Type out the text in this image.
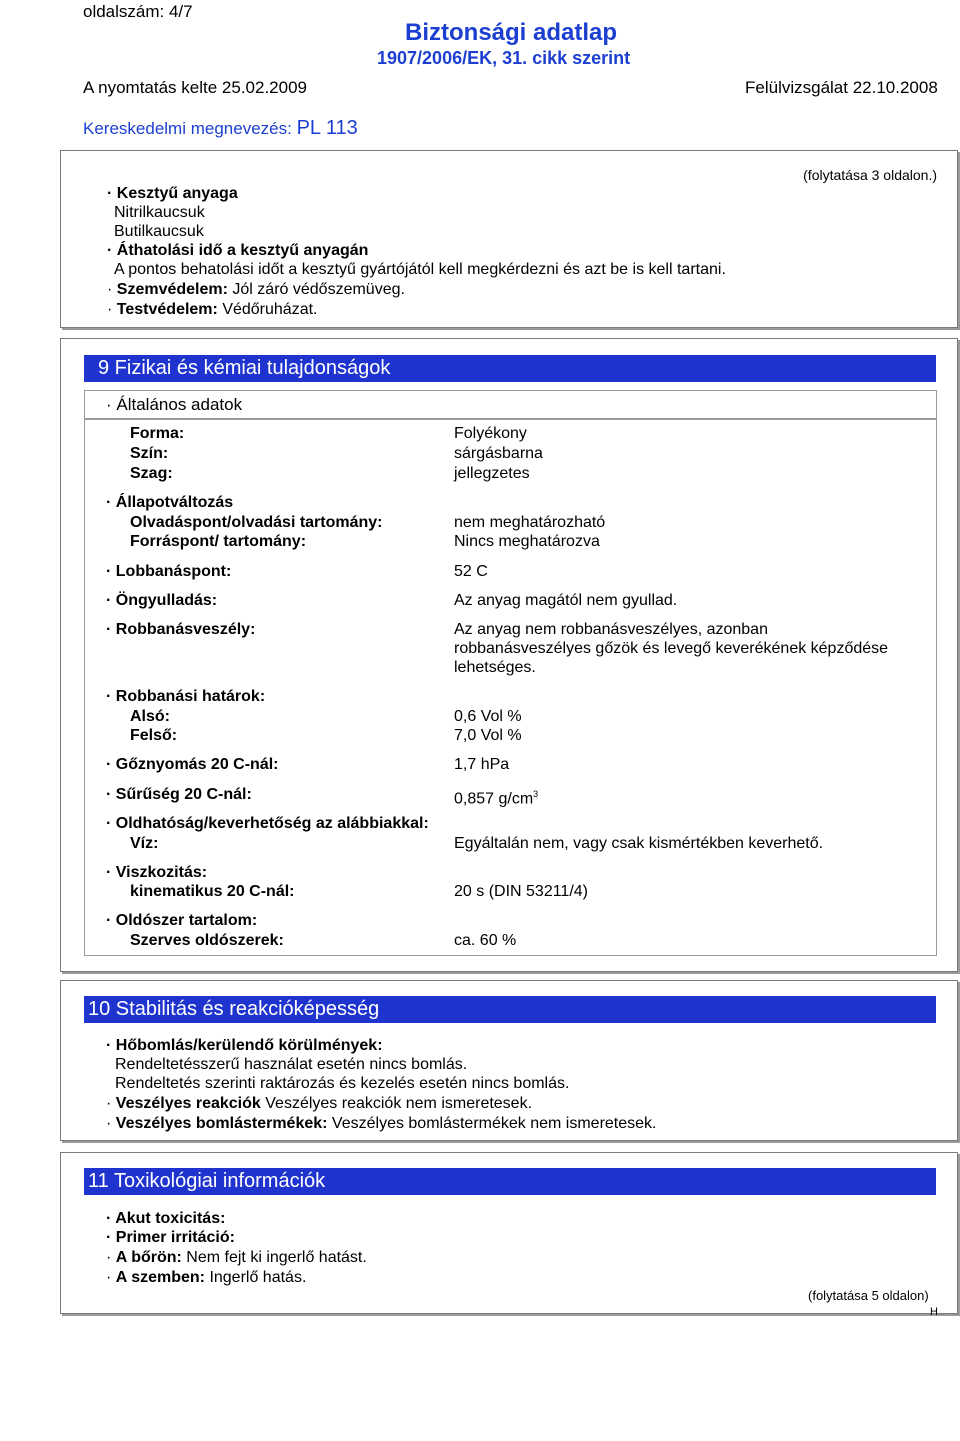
oldalszám: 4/7
Biztonsági adatlap
1907/2006/EK, 31. cikk szerint
A nyomtatás kelte 25.02.2009	Felülvizsgálat 22.10.2008
Kereskedelmi megnevezés: PL 113
(folytatása 3 oldalon.)
· Kesztyű anyaga
Nitrilkaucsuk
Butilkaucsuk
· Áthatolási idő a kesztyű anyagán
A pontos behatolási időt a kesztyű gyártójától kell megkérdezni és azt be is kell tartani.
· Szemvédelem: Jól záró védőszemüveg.
· Testvédelem: Védőruházat.
9 Fizikai és kémiai tulajdonságok
· Általános adatok
Forma:	Folyékony
Szín:	sárgásbarna
Szag:	jellegzetes
· Állapotváltozás
Olvadáspont/olvadási tartomány:	nem meghatározható
Forráspont/ tartomány:	Nincs meghatározva
· Lobbanáspont:	52 C
· Öngyulladás:	Az anyag magától nem gyullad.
· Robbanásveszély:	Az anyag nem robbanásveszélyes, azonban
robbanásveszélyes gőzök és levegő keverékének képződése
lehetséges.
· Robbanási határok:
Alsó:	0,6 Vol %
Felső:	7,0 Vol %
· Gőznyomás 20 C-nál:	1,7 hPa
· Sűrűség 20 C-nál:	0,857 $g/cm^3$
· Oldhatóság/keverhetőség az alábbiakkal:
Víz:	Egyáltalán nem, vagy csak kismértékben keverhető.
· Viszkozitás:
kinematikus 20 C-nál:	20 s (DIN 53211/4)
· Oldószer tartalom:
Szerves oldószerek:	ca. 60 %
10 Stabilitás és reakcióképesség
· Hőbomlás/kerülendő körülmények:
Rendeltetésszerű használat esetén nincs bomlás.
Rendeltetés szerinti raktározás és kezelés esetén nincs bomlás.
· Veszélyes reakciók Veszélyes reakciók nem ismeretesek.
· Veszélyes bomlástermékek: Veszélyes bomlástermékek nem ismeretesek.
11 Toxikológiai információk
· Akut toxicitás:
· Primer irritáció:
· A bőrön: Nem fejt ki ingerlő hatást.
· A szemben: Ingerlő hatás.
(folytatása 5 oldalon)
H
